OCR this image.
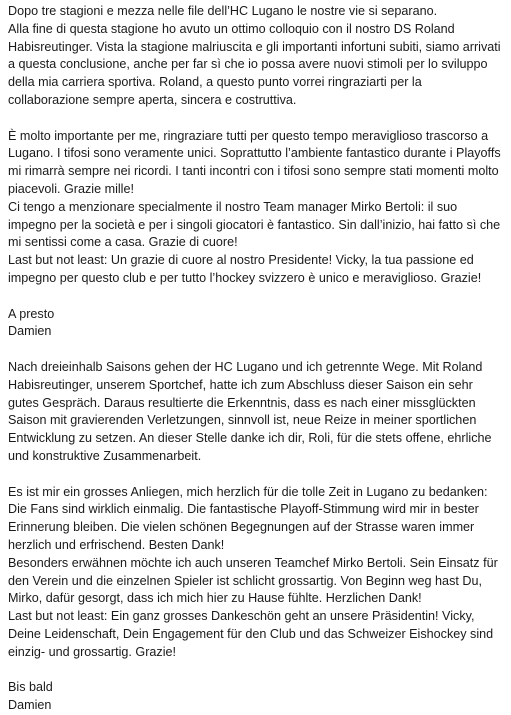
Dopo tre stagioni e mezza nelle file dell’HC Lugano le nostre vie si separano.
Alla fine di questa stagione ho avuto un ottimo colloquio con il nostro DS Roland Habisreutinger. Vista la stagione malriuscita e gli importanti infortuni subiti, siamo arrivati a questa conclusione, anche per far sì che io possa avere nuovi stimoli per lo sviluppo della mia carriera sportiva. Roland, a questo punto vorrei ringraziarti per la collaborazione sempre aperta, sincera e costruttiva.

È molto importante per me, ringraziare tutti per questo tempo meraviglioso trascorso a Lugano. I tifosi sono veramente unici. Soprattutto l’ambiente fantastico durante i Playoffs mi rimarrà sempre nei ricordi. I tanti incontri con i tifosi sono sempre stati momenti molto piacevoli. Grazie mille!
Ci tengo a menzionare specialmente il nostro Team manager Mirko Bertoli: il suo impegno per la società e per i singoli giocatori è fantastico. Sin dall’inizio, hai fatto sì che mi sentissi come a casa. Grazie di cuore!
Last but not least: Un grazie di cuore al nostro Presidente! Vicky, la tua passione ed impegno per questo club e per tutto l’hockey svizzero è unico e meraviglioso. Grazie!

A presto

Damien

Nach dreieinhalb Saisons gehen der HC Lugano und ich getrennte Wege. Mit Roland Habisreutinger, unserem Sportchef, hatte ich zum Abschluss dieser Saison ein sehr gutes Gespräch. Daraus resultierte die Erkenntnis, dass es nach einer missglückten Saison mit gravierenden Verletzungen, sinnvoll ist, neue Reize in meiner sportlichen Entwicklung zu setzen. An dieser Stelle danke ich dir, Roli, für die stets offene, ehrliche und konstruktive Zusammenarbeit.

Es ist mir ein grosses Anliegen, mich herzlich für die tolle Zeit in Lugano zu bedanken:
Die Fans sind wirklich einmalig. Die fantastische Playoff-Stimmung wird mir in bester Erinnerung bleiben. Die vielen schönen Begegnungen auf der Strasse waren immer herzlich und erfrischend. Besten Dank!
Besonders erwähnen möchte ich auch unseren Teamchef Mirko Bertoli. Sein Einsatz für den Verein und die einzelnen Spieler ist schlicht grossartig. Von Beginn weg hast Du, Mirko, dafür gesorgt, dass ich mich hier zu Hause fühlte. Herzlichen Dank!
Last but not least: Ein ganz grosses Dankeschön geht an unsere Präsidentin! Vicky, Deine Leidenschaft, Dein Engagement für den Club und das Schweizer Eishockey sind einzig- und grossartig. Grazie!

Bis bald

Damien
